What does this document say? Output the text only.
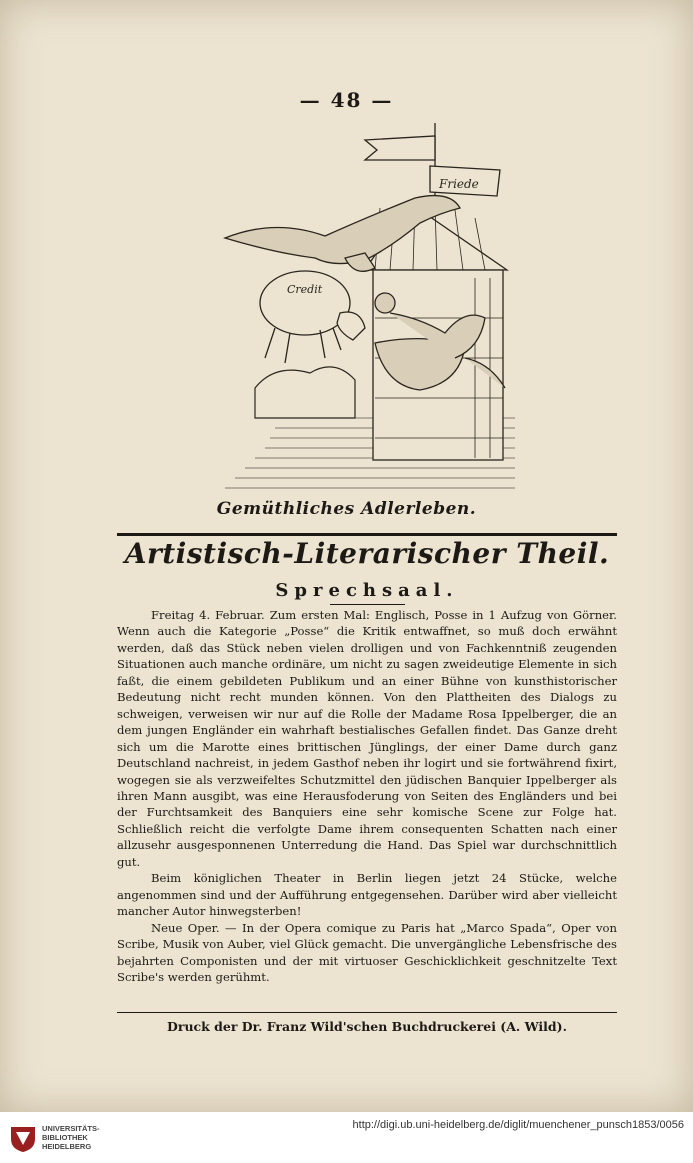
— 48 —
Friede
Credit
Gemüthliches Adlerleben.
Artistisch-Literarischer Theil.
Sprechsaal.

Freitag 4. Februar. Zum ersten Mal: Englisch, Posse in 1 Aufzug von Görner. Wenn auch die Kategorie „Posse“ die Kritik entwaffnet, so muß doch erwähnt werden, daß das Stück neben vielen drolligen und von Fachkenntniß zeugenden Situationen auch manche ordinäre, um nicht zu sagen zweideutige Elemente in sich faßt, die einem gebildeten Publikum und an einer Bühne von kunsthistorischer Bedeutung nicht recht munden können. Von den Plattheiten des Dialogs zu schweigen, verweisen wir nur auf die Rolle der Madame Rosa Ippelberger, die an dem jungen Engländer ein wahrhaft bestialisches Gefallen findet. Das Ganze dreht sich um die Marotte eines brittischen Jünglings, der einer Dame durch ganz Deutschland nachreist, in jedem Gasthof neben ihr logirt und sie fortwährend fixirt, wogegen sie als verzweifeltes Schutzmittel den jüdischen Banquier Ippelberger als ihren Mann ausgibt, was eine Herausfoderung von Seiten des Engländers und bei der Furchtsamkeit des Banquiers eine sehr komische Scene zur Folge hat. Schließlich reicht die verfolgte Dame ihrem consequenten Schatten nach einer allzusehr ausgesponnenen Unterredung die Hand. Das Spiel war durchschnittlich gut.

Beim königlichen Theater in Berlin liegen jetzt 24 Stücke, welche angenommen sind und der Aufführung entgegensehen. Darüber wird aber vielleicht mancher Autor hinwegsterben!

Neue Oper. — In der Opera comique zu Paris hat „Marco Spada“, Oper von Scribe, Musik von Auber, viel Glück gemacht. Die unvergängliche Lebensfrische des bejahrten Componisten und der mit virtuoser Geschicklichkeit geschnitzelte Text Scribe's werden gerühmt.

Druck der Dr. Franz Wild'schen Buchdruckerei (A. Wild).
UNIVERSITÄTS-
BIBLIOTHEK
HEIDELBERG
http://digi.ub.uni-heidelberg.de/diglit/muenchener_punsch1853/0056
